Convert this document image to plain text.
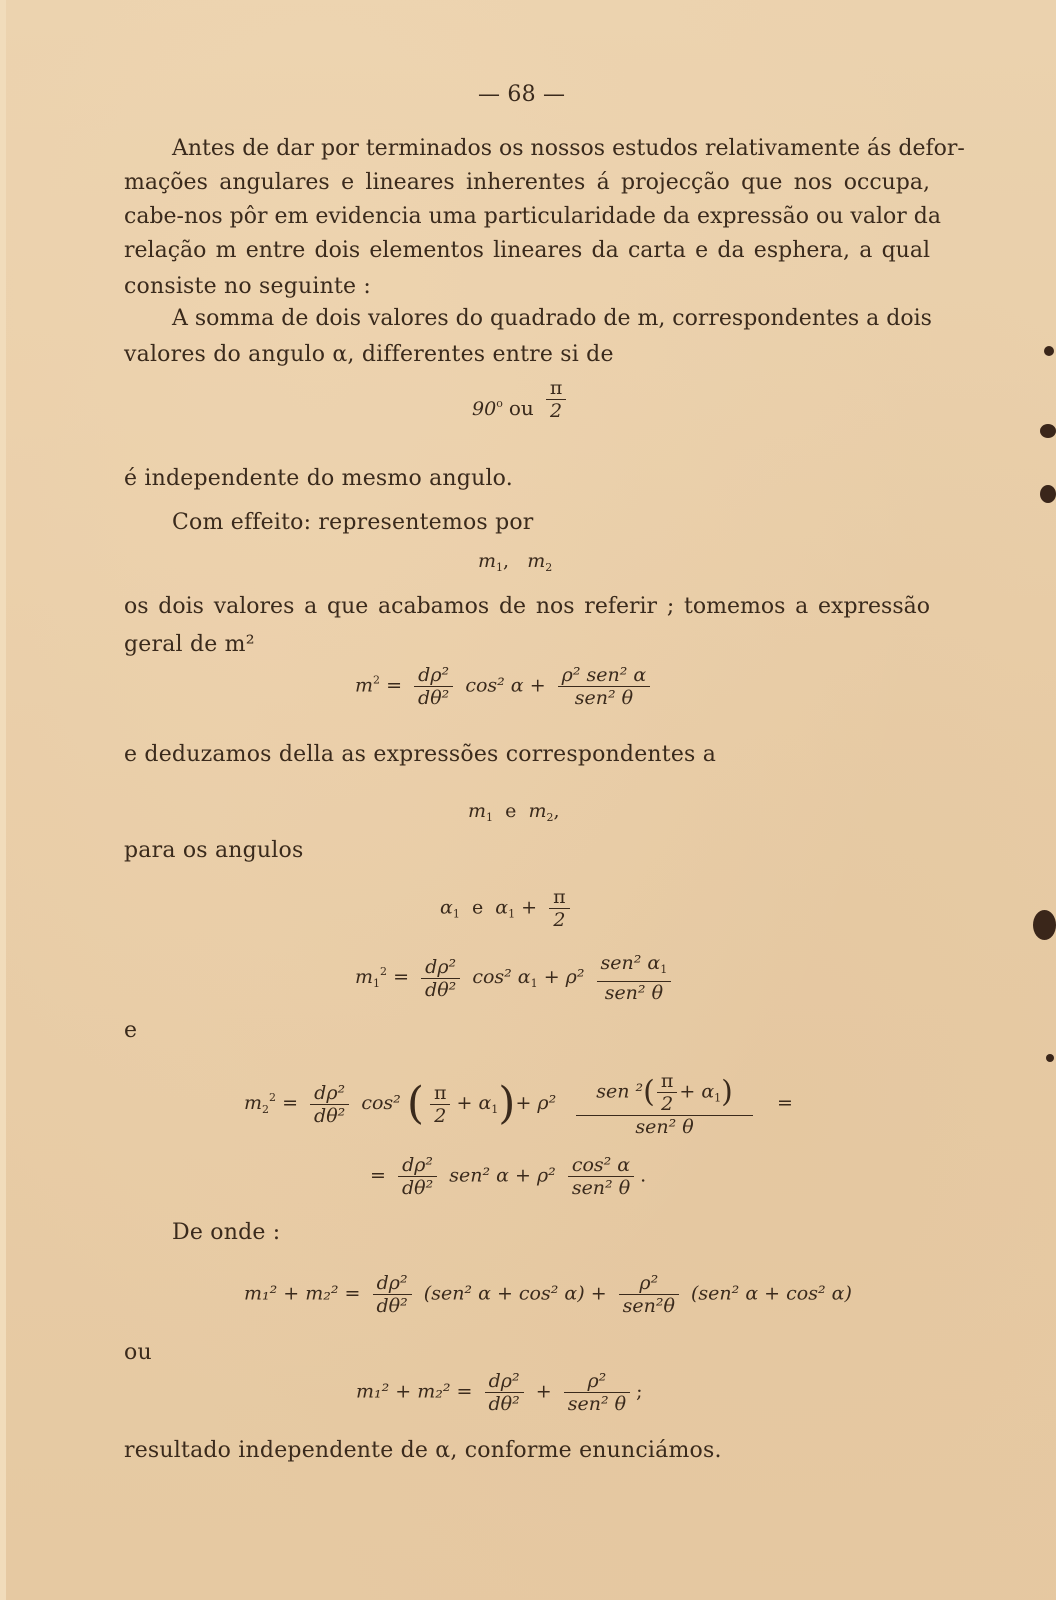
— 68 —
Antes de dar por terminados os nossos estudos relativamente ás defor-
mações angulares e lineares inherentes á projecção que nos occupa,
cabe-nos pôr em evidencia uma particularidade da expressão ou valor da
relação m entre dois elementos lineares da carta e da esphera, a qual
consiste no seguinte :
A somma de dois valores do quadrado de m, correspondentes a dois
valores do angulo α, differentes entre si de
90$^o$ ou $\frac{\pi}{2}$
é independente do mesmo angulo.
Com effeito: representemos por
$m_1$, $m_2$
os dois valores a que acabamos de nos referir ; tomemos a expressão
geral de m²
$m^2 = \frac{\text{dρ²}}{\text{dθ²}} \cos^2$ $\alpha + \frac{\text{ρ² sen² α}}{\text{sen² θ}}$
e deduzamos della as expressões correspondentes a
$m_1$ e $m_2$,
para os angulos
$\alpha_1$ e $\alpha_1 + \frac{\pi}{2}$
$m_1^2 = \frac{\text{dρ²}}{\text{dθ²}} \cos^2$ $\alpha_1 + \rho^2 \frac{sen^2 \alpha_1}{\text{sen² θ}}$
e
$m_2^2 = \frac{\text{dρ²}}{\text{dθ²}} \cos^2$ ( $\frac{\pi}{2} + \alpha_1)+ \rho^2 \frac{sen ^2( \frac{\pi}{2} + \alpha_1)}{\text{sen² θ}}$ =
= $\frac{\text{dρ²}}{\text{dθ²}} sen^2$ $\alpha + \rho^2 \frac{\text{cos² α}}{\text{sen² θ}}$ .
De onde :
$m_1^2 + m_2^2 = \frac{\text{dρ²}}{\text{dθ²}} (sen^2$ α + cos² $\alpha) + \frac{\text{ρ²}}{\text{sen²θ}} (sen^2$ α + cos² α)
ou
$m_1^2 + m_2^2 = \frac{\text{dρ²}}{\text{dθ²}} + \frac{\text{ρ²}}{\text{sen² θ}}$ ;
resultado independente de α, conforme enunciámos.
